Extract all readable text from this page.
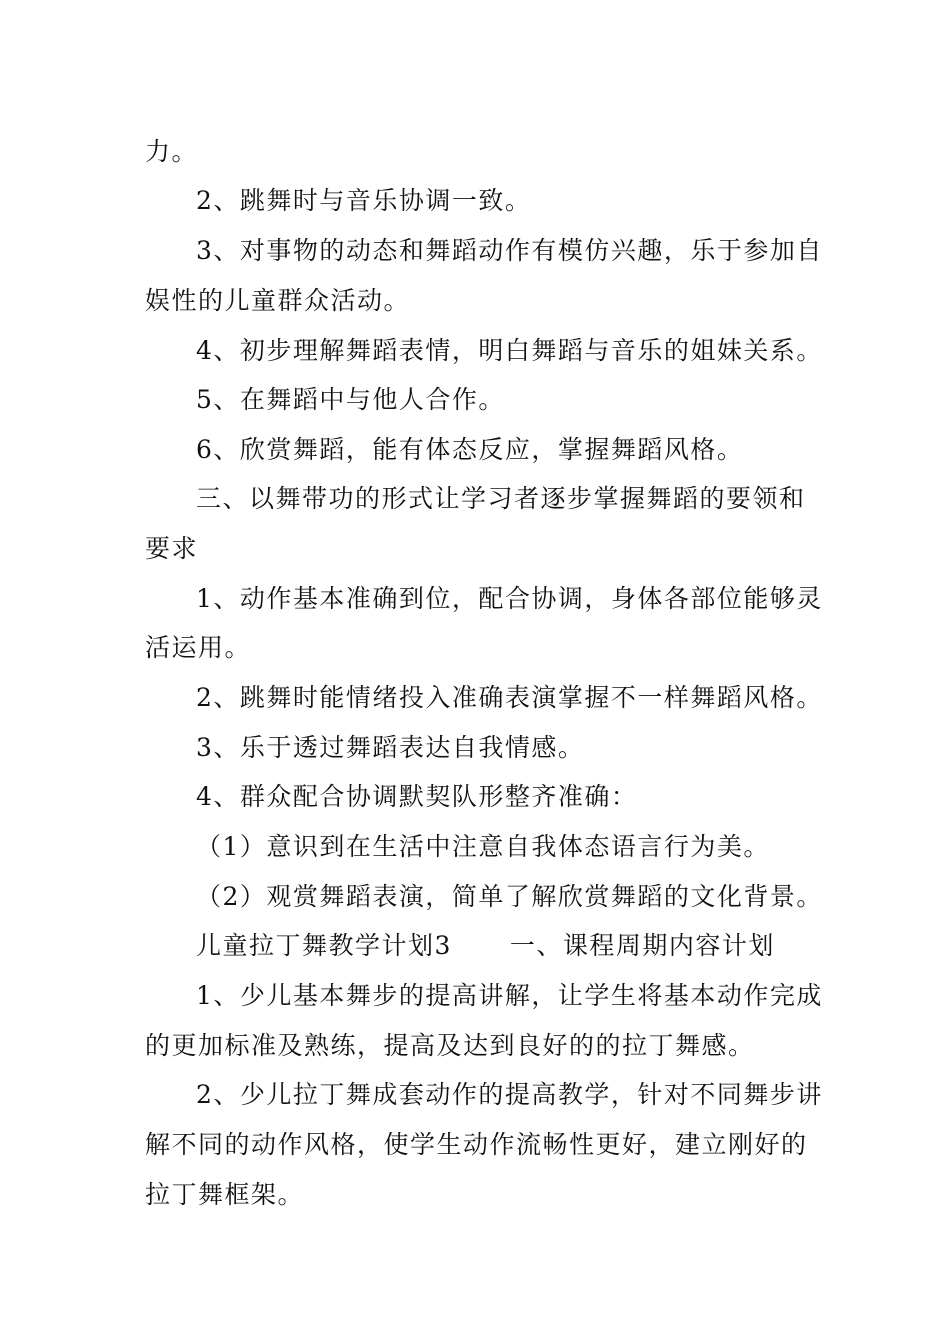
力。
2、跳舞时与音乐协调一致。
3、对事物的动态和舞蹈动作有模仿兴趣，乐于参加自
娱性的儿童群众活动。
4、初步理解舞蹈表情，明白舞蹈与音乐的姐妹关系。
5、在舞蹈中与他人合作。
6、欣赏舞蹈，能有体态反应，掌握舞蹈风格。
三、以舞带功的形式让学习者逐步掌握舞蹈的要领和
要求
1、动作基本准确到位，配合协调，身体各部位能够灵
活运用。
2、跳舞时能情绪投入准确表演掌握不一样舞蹈风格。
3、乐于透过舞蹈表达自我情感。
4、群众配合协调默契队形整齐准确：
（1）意识到在生活中注意自我体态语言行为美。
（2）观赏舞蹈表演，简单了解欣赏舞蹈的文化背景。
儿童拉丁舞教学计划3 一、课程周期内容计划
1、少儿基本舞步的提高讲解，让学生将基本动作完成
的更加标准及熟练，提高及达到良好的的拉丁舞感。
2、少儿拉丁舞成套动作的提高教学，针对不同舞步讲
解不同的动作风格，使学生动作流畅性更好，建立刚好的
拉丁舞框架。
